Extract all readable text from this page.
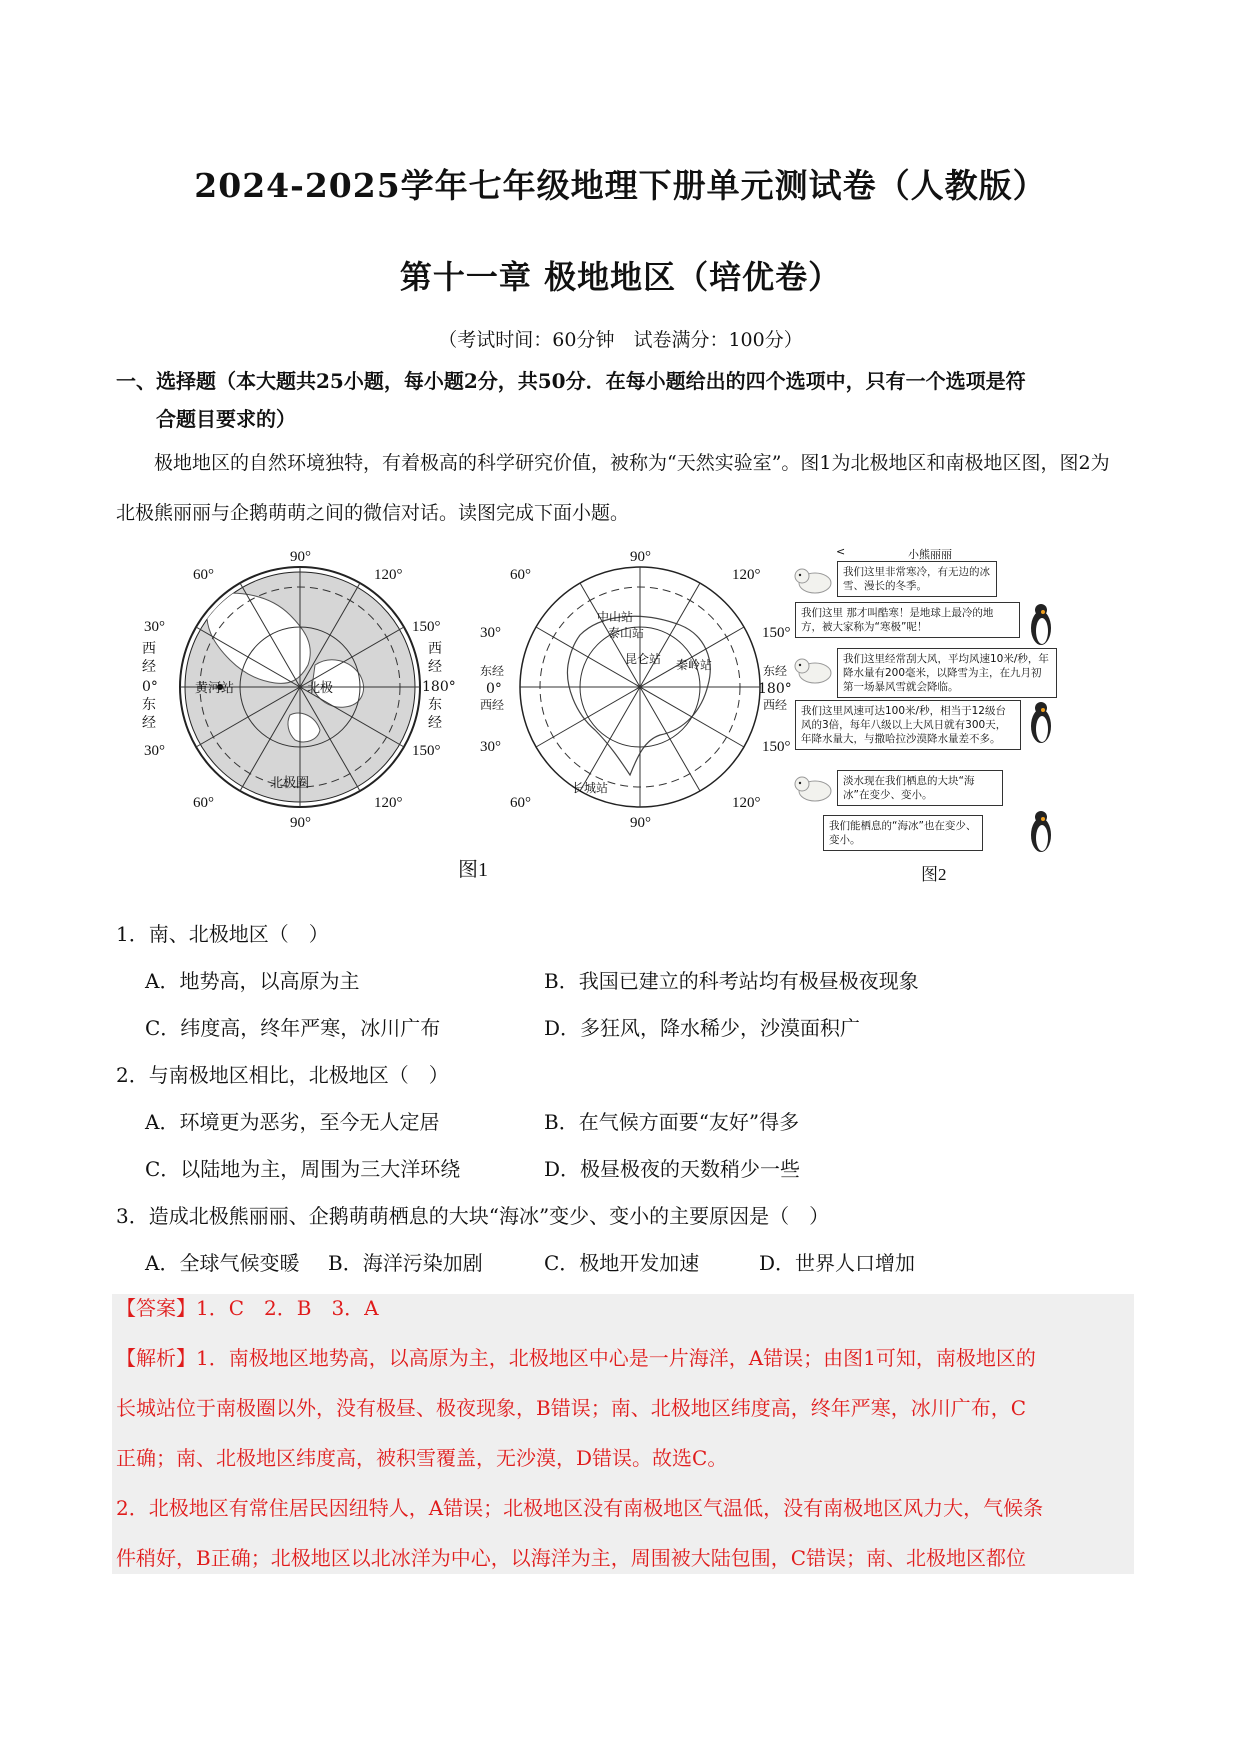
2024-2025学年七年级地理下册单元测试卷（人教版）
第十一章 极地地区（培优卷）
（考试时间：60分钟　试卷满分：100分）
一、选择题（本大题共25小题，每小题2分，共50分．在每小题给出的四个选项中，只有一个选项是符
合题目要求的）
极地地区的自然环境独特，有着极高的科学研究价值，被称为“天然实验室”。图1为北极地区和南极地区图，图2为北极熊丽丽与企鹅萌萌之间的微信对话。读图完成下面小题。
90°
90°
60°	120°
30°	150°
30°	150°
60°	120°
西
经
0°
东
经
西
经
180°
东
经
黄河站	北极
北极圈
90°
90°
60°	120°
30°	150°
30°	150°
60°	120°
东经
0°
西经
东经
180°
西经
中山站
泰山站
昆仑站 秦岭站
长城站
图1
<	小熊丽丽
我们这里非常寒冷，有无边的冰雪、漫长的冬季。
我们这里 那才叫酷寒！是地球上最冷的地方，被大家称为“寒极”呢！
我们这里经常刮大风，平均风速10米/秒，年降水量有200毫米，以降雪为主，在九月初第一场暴风雪就会降临。
我们这里风速可达100米/秒，相当于12级台风的3倍，每年八级以上大风日就有300天，年降水量大，与撒哈拉沙漠降水量差不多。
淡水现在我们栖息的大块“海冰”在变少、变小。
我们能栖息的“海冰”也在变少、变小。
图2
1．南、北极地区（　）
A．地势高，以高原为主	B．我国已建立的科考站均有极昼极夜现象
C．纬度高，终年严寒，冰川广布	D．多狂风，降水稀少，沙漠面积广
2．与南极地区相比，北极地区（　）
A．环境更为恶劣，至今无人定居	B．在气候方面要“友好”得多
C．以陆地为主，周围为三大洋环绕	D．极昼极夜的天数稍少一些
3．造成北极熊丽丽、企鹅萌萌栖息的大块“海冰”变少、变小的主要原因是（　）
A．全球气候变暖 B．海洋污染加剧	C．极地开发加速	D．世界人口增加
【答案】1．C　2．B　3．A
【解析】1．南极地区地势高，以高原为主，北极地区中心是一片海洋，A错误；由图1可知，南极地区的
长城站位于南极圈以外，没有极昼、极夜现象，B错误；南、北极地区纬度高，终年严寒，冰川广布，C
正确；南、北极地区纬度高，被积雪覆盖，无沙漠，D错误。故选C。
2．北极地区有常住居民因纽特人，A错误；北极地区没有南极地区气温低，没有南极地区风力大，气候条
件稍好，B正确；北极地区以北冰洋为中心，以海洋为主，周围被大陆包围，C错误；南、北极地区都位
